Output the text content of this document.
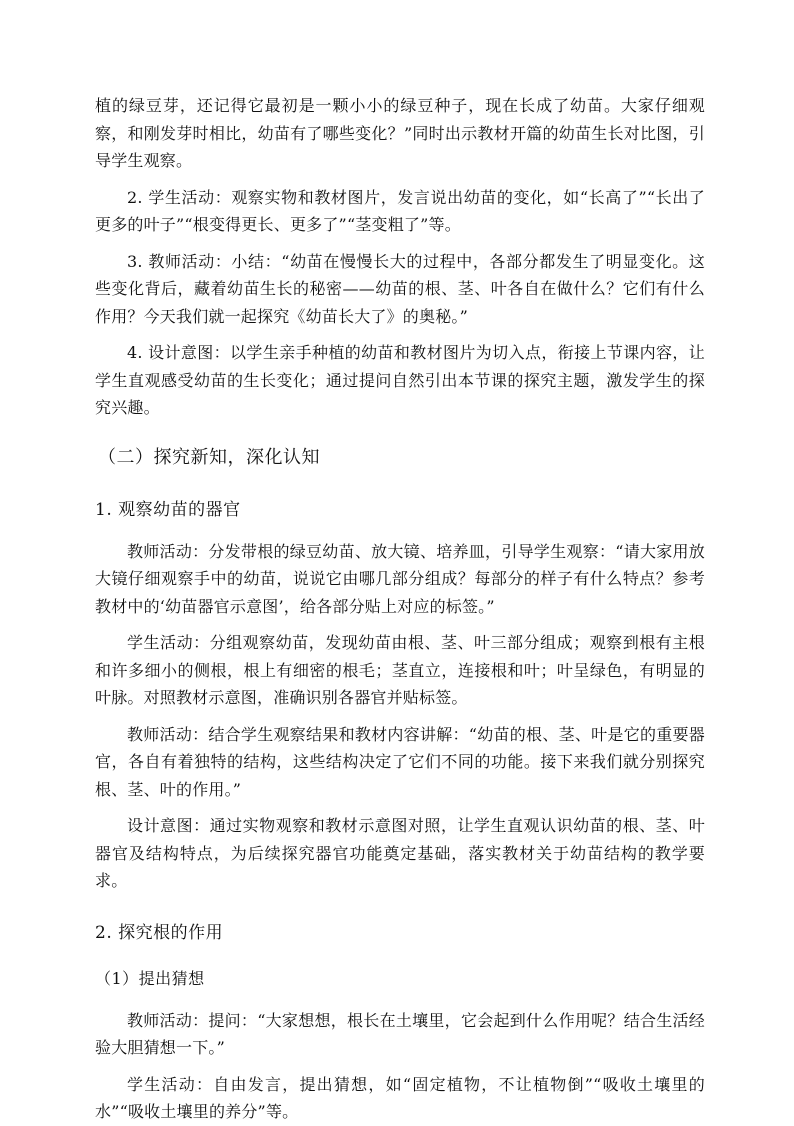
植的绿豆芽，还记得它最初是一颗小小的绿豆种子，现在长成了幼苗。大家仔细观察，和刚发芽时相比，幼苗有了哪些变化？”同时出示教材开篇的幼苗生长对比图，引导学生观察。

2. 学生活动：观察实物和教材图片，发言说出幼苗的变化，如“长高了”“长出了更多的叶子”“根变得更长、更多了”“茎变粗了”等。

3. 教师活动：小结：“幼苗在慢慢长大的过程中，各部分都发生了明显变化。这些变化背后，藏着幼苗生长的秘密——幼苗的根、茎、叶各自在做什么？它们有什么作用？今天我们就一起探究《幼苗长大了》的奥秘。”

4. 设计意图：以学生亲手种植的幼苗和教材图片为切入点，衔接上节课内容，让学生直观感受幼苗的生长变化；通过提问自然引出本节课的探究主题，激发学生的探究兴趣。

（二）探究新知，深化认知
1. 观察幼苗的器官

教师活动：分发带根的绿豆幼苗、放大镜、培养皿，引导学生观察：“请大家用放大镜仔细观察手中的幼苗，说说它由哪几部分组成？每部分的样子有什么特点？参考教材中的‘幼苗器官示意图’，给各部分贴上对应的标签。”

学生活动：分组观察幼苗，发现幼苗由根、茎、叶三部分组成；观察到根有主根和许多细小的侧根，根上有细密的根毛；茎直立，连接根和叶；叶呈绿色，有明显的叶脉。对照教材示意图，准确识别各器官并贴标签。

教师活动：结合学生观察结果和教材内容讲解：“幼苗的根、茎、叶是它的重要器官，各自有着独特的结构，这些结构决定了它们不同的功能。接下来我们就分别探究根、茎、叶的作用。”

设计意图：通过实物观察和教材示意图对照，让学生直观认识幼苗的根、茎、叶器官及结构特点，为后续探究器官功能奠定基础，落实教材关于幼苗结构的教学要求。

2. 探究根的作用
（1）提出猜想

教师活动：提问：“大家想想，根长在土壤里，它会起到什么作用呢？结合生活经验大胆猜想一下。”

学生活动：自由发言，提出猜想，如“固定植物，不让植物倒”“吸收土壤里的水”“吸收土壤里的养分”等。
